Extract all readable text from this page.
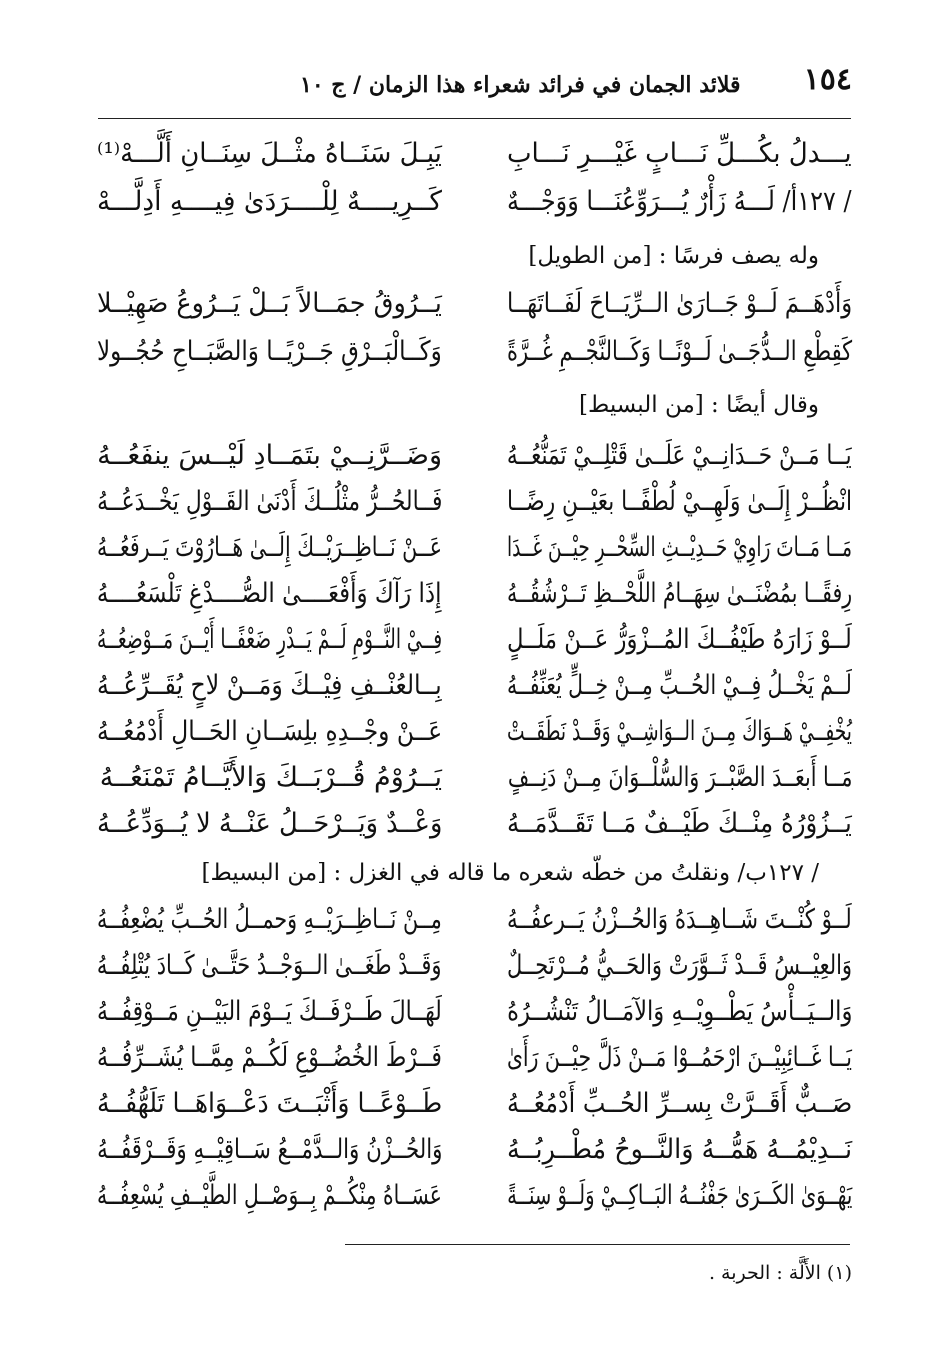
١٥٤
قلائد الجمان في فرائد شعراء هذا الزمان / ج ١٠
يـــدلُ بكُـــلِّ نَـــابٍ غَيْـــرِ نَـــابِ
يَبِـلَ سَنَــاهُ مثْــلَ سِنَــانِ أَلَّـــهْ⁽¹⁾
/ ١٢٧أ/ لَـــهُ زَأْرٌ يُـــرَوِّعُنَـــا وَوَجْـــهٌ
كَــرِيــــهٌ لِلْــــرَدَىٰ فِيــــهِ أَدِلَّـــهْ
وله يصف فرسًا : [من الطويل]
وَأَدْهَــمَ لَــوْ جَــارَىٰ الــرِّيَــاحَ لَفَــاتَهَــا
يَــرُوقُ جمَــالاً بَــلْ يَــرُوعُ صَهِيْــلا
كَقِطْعِ الــدُّجَــىٰ لَــوْنًــا وَكَــالنَّجْــمِ غُــرَّةً
وَكَــالْبَــرْقِ جَــرْيًــا وَالصَّبَــاحِ حُجُــولا
وقال أيضًا : [من البسيط]
يَــا مَــنْ حَــدَانِــيْ عَلَــىٰ قَتْلِــيْ تَمَنُّعُــهُ
وَضَــرَّنِــيْ بتَمَــادِ لَيْــسَ ينفَعُــهُ
انْظُــرْ إِلَــىٰ وَلَهِــيْ لُطْفًــا بعَيْــنِ رِضًــا
فَــالحُــرُّ مثْلُــكَ أَدْنَىٰ القَــوْلِ يَخْــدَعُــهُ
مَــا مَــاتَ رَاوِيْ حَــدِيْــثِ السِّحْــرِ حِيْــنَ غَــدَا
عَــنْ نَــاظِــرَيْــكَ إِلَــىٰ هَــارُوْتَ يَــرفَعُــهُ
رِفقًــا بمُضْنَــىٰ سِهَــامُ اللَّحْــظِ تَــرْشُقُــهُ
إِذَا رَآكَ وَأَفْعَــــىٰ الصُّــــدْغِ تَلْسَعُــــهُ
لَــوْ زَارَهُ طَيْفُــكَ المُــزْوَرُّ عَــنْ مَلَــلٍ
فِــيْ النَّــوْمِ لَــمْ يَــدْرِ ضَعْفًــا أَيْــنَ مَــوْضِعُــهُ
لَــمْ يَخْــلُ فِــيْ الحُــبِّ مِــنْ خِــلٍّ يُعَنِّفُــهُ
بِــالعُنْــفِ فِيْــكَ وَمَــنْ لاحٍ يُقَــرِّعُــهُ
يُخْفِــيْ هَــوَاكَ مِــنَ الــوَاشِــيْ وَقَــدْ نَطَقَــتْ
عَــنْ وجْــدِهِ بلِسَــانِ الحَــالِ أَدْمُعُــهُ
مَــا أَبعَــدَ الصَّبْــرَ وَالسُّلْــوَانَ مِــنْ دَنِــفٍ
يَــرُوْمُ قُــرْبَــكَ وَالأَيَّــامُ تَمْنَعُــهُ
يَــزُوْرُهُ مِنْــكَ طَيْــفٌ مَــا تَقَــدَّمَــهُ
وَعْــدٌ وَيَــرْحَــلُ عَنْــهُ لا يُــوَدِّعُــهُ
/ ١٢٧ب/ ونقلتُ من خطّه شعره ما قاله في الغزل : [من البسيط]
لَــوْ كُنْــتَ شَــاهِــدَهُ وَالحُــزْنُ يَــرعفُــهُ
مِــنْ نَــاظِــرَيْــهِ وَحمــلُ الحُــبِّ يُضْعِفُــهُ
وَالعِيْــسُ قَــدْ ثَــوَّرَتْ وَالحَــيُّ مُــرْتَحِــلٌ
وَقَــدْ طَغَــىٰ الــوَجْــدُ حَتَّــىٰ كَــادَ يُتْلِفُــهُ
وَالــيَــأْسُ يَطْــوِيْــهِ وَالآمَــالُ تَنْشُــرُهُ
لَهَــالَ طَــرْفَــكَ يَــوْمَ البَيْــنِ مَــوْقِفُــهُ
يَــا غَــائِبِيْــنَ ارْحَمُــوْا مَــنْ ذَلَّ حِيْــنَ رَأَىٰ
فَــرْطَ الخُضُــوْعِ لَكُــمْ مِمَّــا يُشَــرِّفُــهُ
صَــبٌّ أَقَــرَّتْ بِســرِّ الحُــبِّ أَدْمُعُــهُ
طَــوْعًــا وَأَثْبَــتَ دَعْــوَاهَــا تَلَهُّفُــهُ
نَــدِيْمُــهُ هَمُّــهُ وَالنَّــوحُ مُطْــرِبُــهُ
وَالحُــزْنُ وَالــدَّمْــعُ سَــاقِيْــهِ وَقَــرْقَفُــهُ
يَهْــوَىٰ الكَــرَىٰ جَفْنُــهُ البَــاكِــيْ وَلَــوْ سِنَــةً
عَسَــاهُ مِنْكُــمْ بِــوَصْــلِ الطَّيْــفِ يُسْعِفُــهُ
(١) الأَلَّة : الحربة .
